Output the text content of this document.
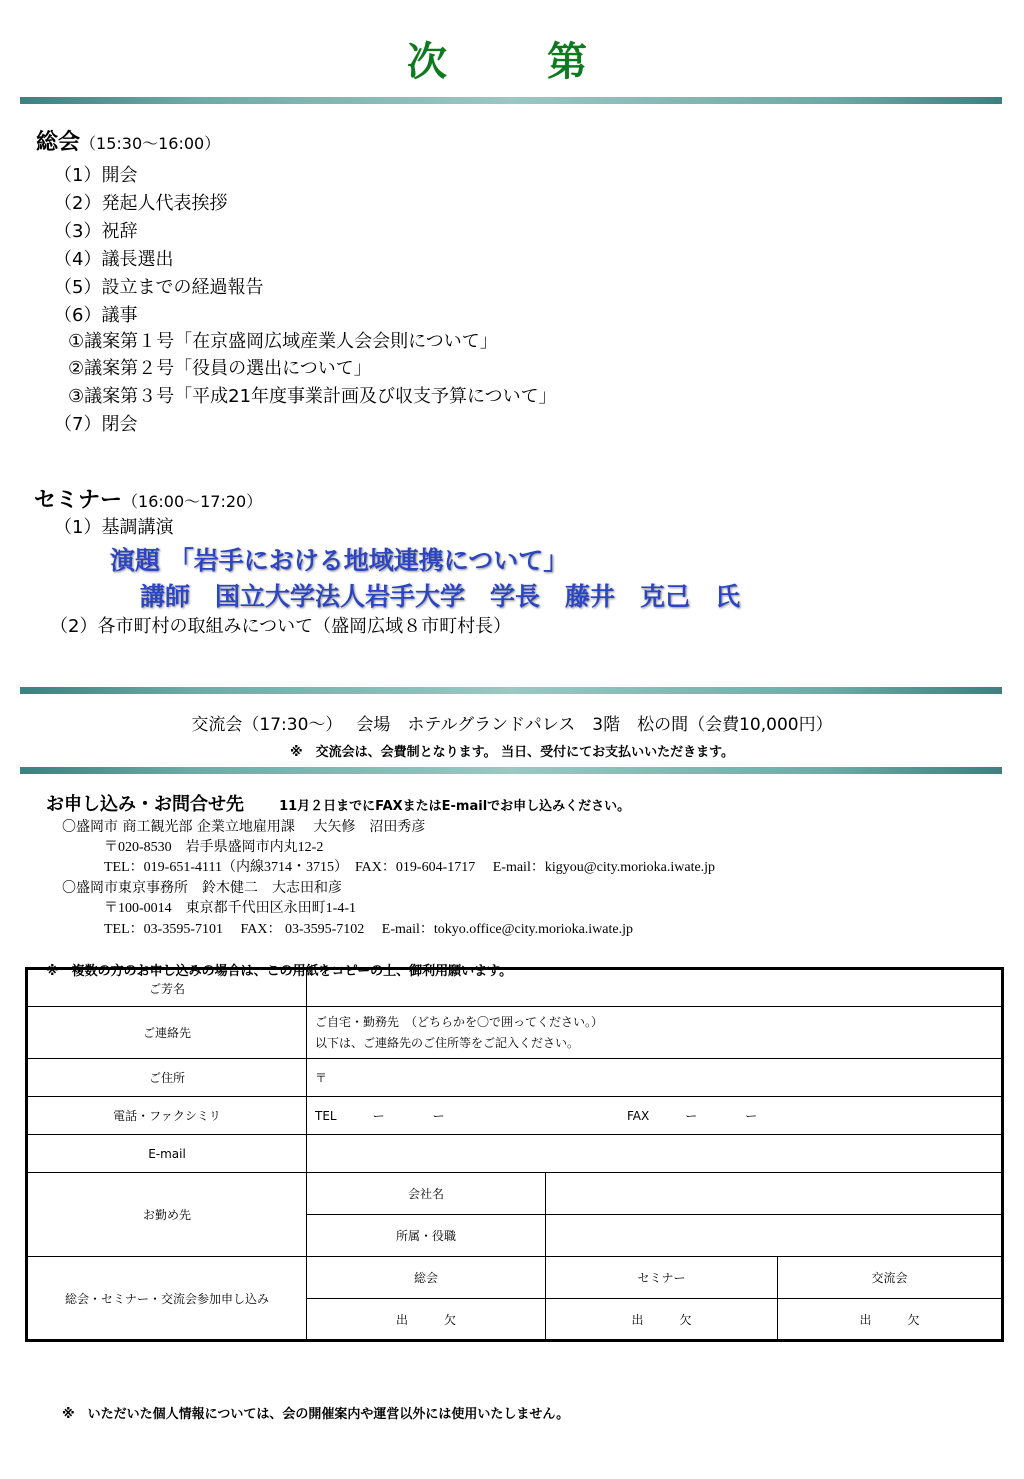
次　第
総会（15:30～16:00）
（1）開会
（2）発起人代表挨拶
（3）祝辞
（4）議長選出
（5）設立までの経過報告
（6）議事
①議案第１号「在京盛岡広域産業人会会則について」
②議案第２号「役員の選出について」
③議案第３号「平成21年度事業計画及び収支予算について」
（7）閉会
セミナー（16:00～17:20）
（1）基調講演
演題 「岩手における地域連携について」
講師　国立大学法人岩手大学　学長　藤井　克己　氏
（2）各市町村の取組みについて（盛岡広域８市町村長）
交流会（17:30～）　 会場　ホテルグランドパレス　3階　松の間（会費10,000円）
※　交流会は、会費制となります。 当日、受付にてお支払いいただきます。
お申し込み・お問合せ先	11月２日までにFAXまたはE-mailでお申し込みください。
〇盛岡市 商工観光部 企業立地雇用課　 大矢修　沼田秀彦
〒020-8530　岩手県盛岡市内丸12-2
TEL：019-651-4111（内線3714・3715）　FAX：019-604-1717　 E-mail：kigyou@city.morioka.iwate.jp
〇盛岡市東京事務所　鈴木健二　大志田和彦
〒100-0014　東京都千代田区永田町1-4-1
TEL：03-3595-7101　 FAX： 03-3595-7102　 E-mail：tokyo.office@city.morioka.iwate.jp
※　複数の方のお申し込みの場合は、この用紙をコピーの上、御利用願います。
ご芳名			
ご連絡先	ご自宅・勤務先　（どちらかを〇で囲ってください。）
以下は、ご連絡先のご住所等をご記入ください。		

ご住所	〒		
電話・ファクシミリ	TEL　　　ー　　　　ー FAX　　　ー　　　　ー		
E-mail			
お勤め先	会社名		
	所属・役職		
総会・セミナー・交流会参加申し込み	総会	セミナー	交流会
	出　　　欠	出　　　欠	出　　　欠
※　いただいた個人情報については、会の開催案内や運営以外には使用いたしません。
